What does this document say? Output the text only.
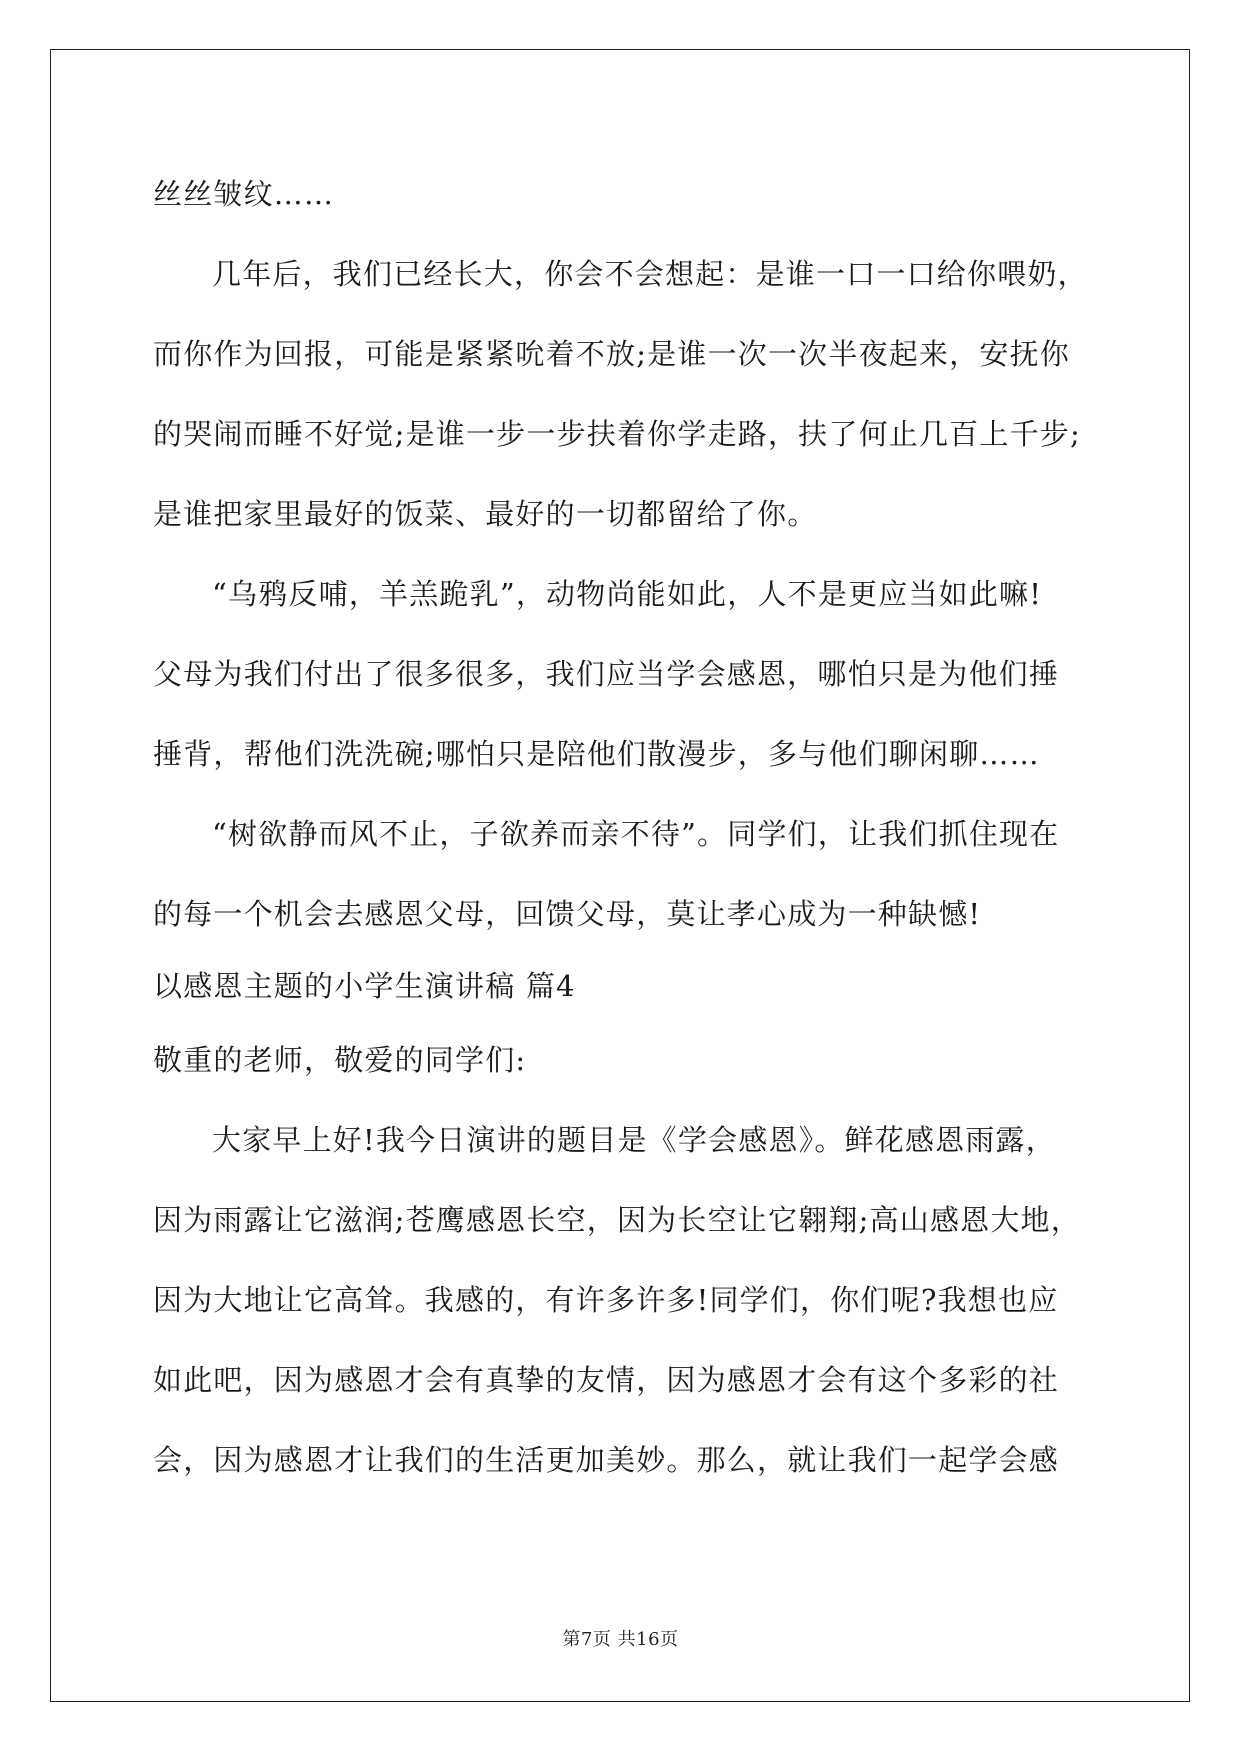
丝丝皱纹……
几年后，我们已经长大，你会不会想起：是谁一口一口给你喂奶，
而你作为回报，可能是紧紧吮着不放;是谁一次一次半夜起来，安抚你
的哭闹而睡不好觉;是谁一步一步扶着你学走路，扶了何止几百上千步;
是谁把家里最好的饭菜、最好的一切都留给了你。
“乌鸦反哺，羊羔跪乳”，动物尚能如此，人不是更应当如此嘛!
父母为我们付出了很多很多，我们应当学会感恩，哪怕只是为他们捶
捶背，帮他们洗洗碗;哪怕只是陪他们散漫步，多与他们聊闲聊……
“树欲静而风不止，子欲养而亲不待”。同学们，让我们抓住现在
的每一个机会去感恩父母，回馈父母，莫让孝心成为一种缺憾!
以感恩主题的小学生演讲稿 篇4
敬重的老师，敬爱的同学们:
大家早上好!我今日演讲的题目是《学会感恩》。鲜花感恩雨露，
因为雨露让它滋润;苍鹰感恩长空，因为长空让它翱翔;高山感恩大地，
因为大地让它高耸。我感的，有许多许多!同学们，你们呢?我想也应
如此吧，因为感恩才会有真挚的友情，因为感恩才会有这个多彩的社
会，因为感恩才让我们的生活更加美妙。那么，就让我们一起学会感
第7页 共16页
